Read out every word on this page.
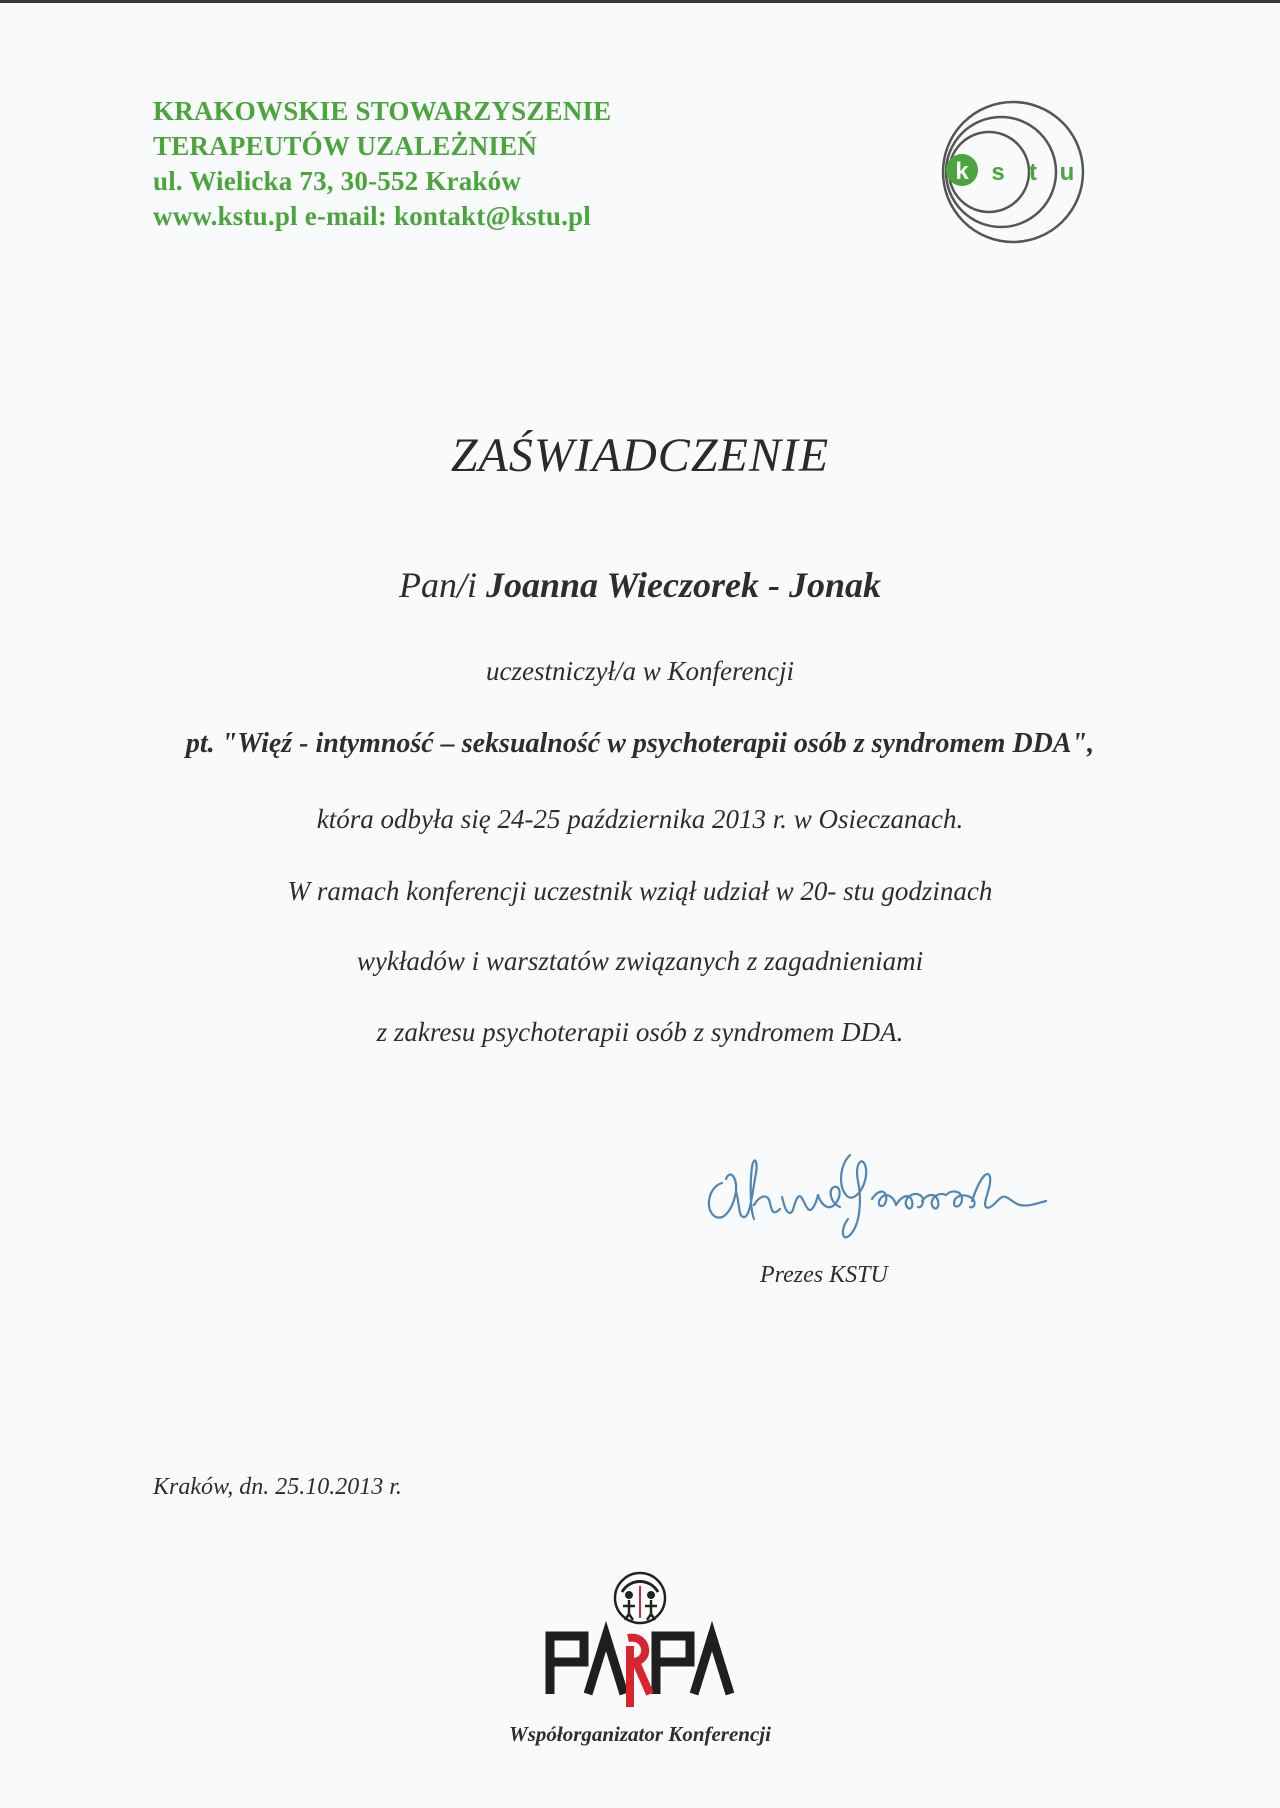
KRAKOWSKIE STOWARZYSZENIE
TERAPEUTÓW UZALEŻNIEŃ
ul. Wielicka 73, 30-552 Kraków
www.kstu.pl e-mail: kontakt@kstu.pl
k s t u
ZAŚWIADCZENIE
Pan/i Joanna Wieczorek - Jonak
uczestniczył/a w Konferencji
pt. "Więź - intymność – seksualność w psychoterapii osób z syndromem DDA",
która odbyła się 24-25 października 2013 r. w Osieczanach.
W ramach konferencji uczestnik wziął udział w 20- stu godzinach
wykładów i warsztatów związanych z zagadnieniami
z zakresu psychoterapii osób z syndromem DDA.
Prezes KSTU
Kraków, dn. 25.10.2013 r.
Współorganizator Konferencji
